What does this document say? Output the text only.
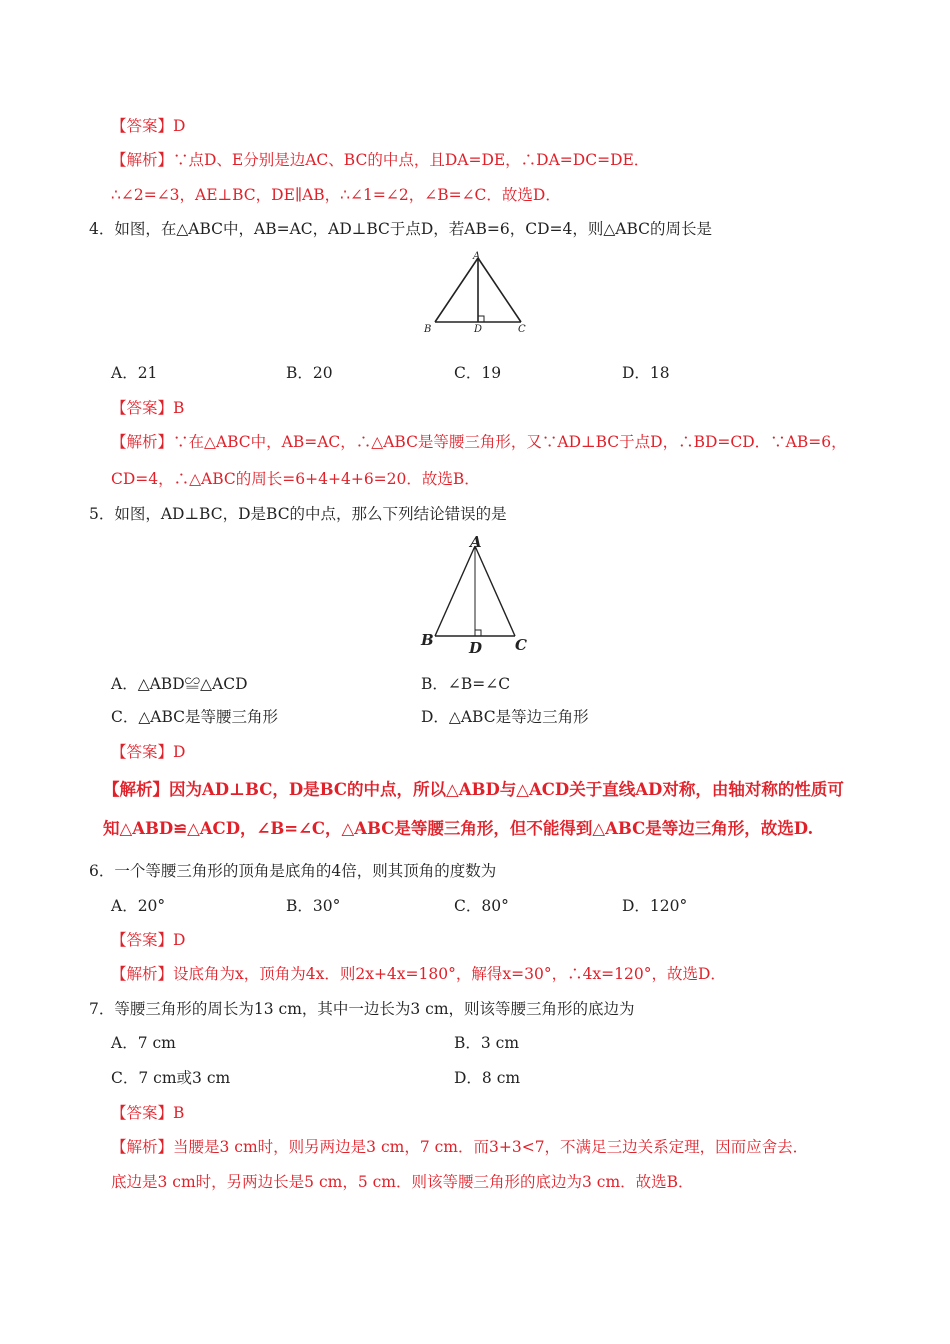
【答案】D
【解析】∵点D、E分别是边AC、BC的中点，且DA=DE，∴DA=DC=DE．
∴∠2=∠3，AE⊥BC，DE∥AB，∴∠1=∠2，∠B=∠C．故选D．
4．如图，在△ABC中，AB=AC，AD⊥BC于点D，若AB=6，CD=4，则△ABC的周长是
A
B	D	C
A．21	B．20	C．19	D．18
【答案】B
【解析】∵在△ABC中，AB=AC，∴△ABC是等腰三角形，又∵AD⊥BC于点D，∴BD=CD．∵AB=6，
CD=4，∴△ABC的周长=6+4+4+6=20．故选B．
5．如图，AD⊥BC，D是BC的中点，那么下列结论错误的是
A
B D C
A．△ABD≌△ACD	B．∠B=∠C
C．△ABC是等腰三角形	D．△ABC是等边三角形
【答案】D
【解析】因为AD⊥BC，D是BC的中点，所以△ABD与△ACD关于直线AD对称，由轴对称的性质可
知△ABD≌△ACD，∠B=∠C，△ABC是等腰三角形，但不能得到△ABC是等边三角形，故选D.
6．一个等腰三角形的顶角是底角的4倍，则其顶角的度数为
A．20°	B．30°	C．80°	D．120°
【答案】D
【解析】设底角为x，顶角为4x．则2x+4x=180°，解得x=30°，∴4x=120°，故选D．
7．等腰三角形的周长为13 cm，其中一边长为3 cm，则该等腰三角形的底边为
A．7 cm	B．3 cm
C．7 cm或3 cm	D．8 cm
【答案】B
【解析】当腰是3 cm时，则另两边是3 cm，7 cm．而3+3<7，不满足三边关系定理，因而应舍去．
底边是3 cm时，另两边长是5 cm，5 cm．则该等腰三角形的底边为3 cm．故选B．
